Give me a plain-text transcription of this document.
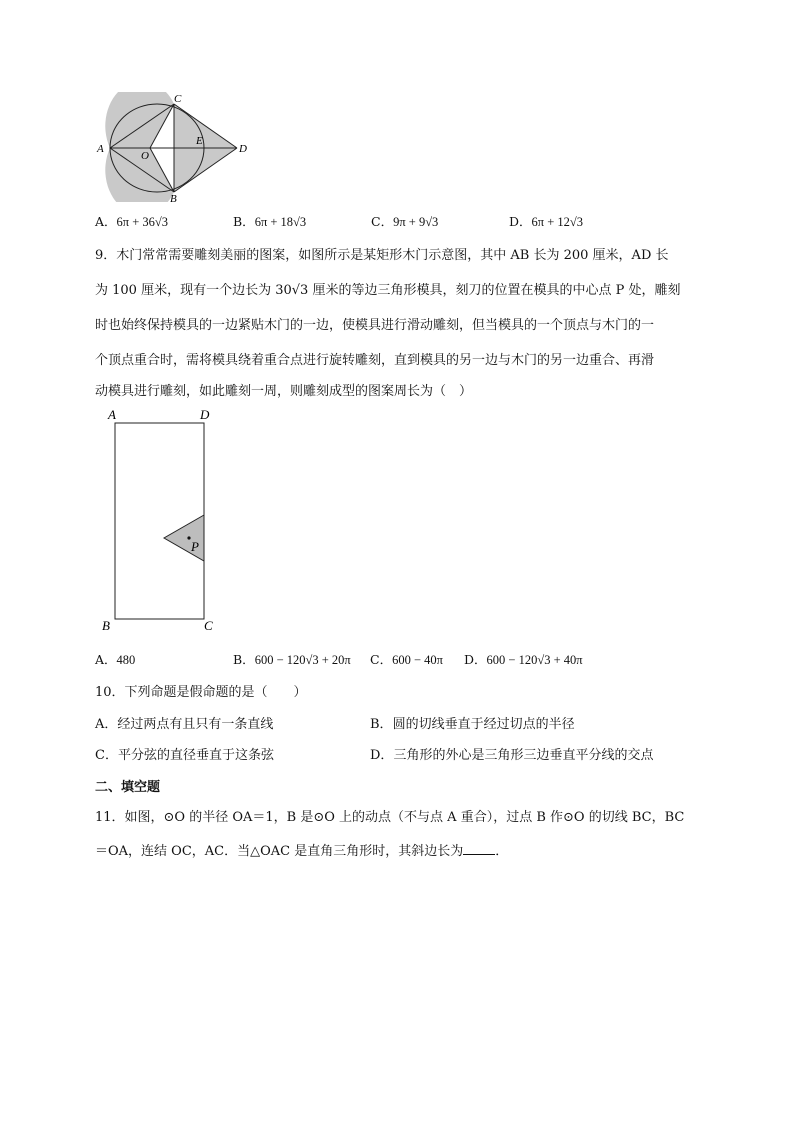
A
C
B
O
E
D
A．6π + 36√3	B．6π + 18√3	C．9π + 9√3	D．6π + 12√3
9．木门常常需要雕刻美丽的图案，如图所示是某矩形木门示意图，其中 AB 长为 200 厘米，AD 长
为 100 厘米，现有一个边长为 30√3 厘米的等边三角形模具，刻刀的位置在模具的中心点 P 处，雕刻
时也始终保持模具的一边紧贴木门的一边，使模具进行滑动雕刻，但当模具的一个顶点与木门的一
个顶点重合时，需将模具绕着重合点进行旋转雕刻，直到模具的另一边与木门的另一边重合、再滑
动模具进行雕刻，如此雕刻一周，则雕刻成型的图案周长为（　）
A	D
B	C
P
A．480	B．600 − 120√3 + 20π C．600 − 40π D．600 − 120√3 + 40π
10．下列命题是假命题的是（　　）
A．经过两点有且只有一条直线	B．圆的切线垂直于经过切点的半径
C．平分弦的直径垂直于这条弦	D．三角形的外心是三角形三边垂直平分线的交点
二、填空题
11．如图，⊙O 的半径 OA＝1，B 是⊙O 上的动点（不与点 A 重合），过点 B 作⊙O 的切线 BC，BC
＝OA，连结 OC，AC．当△OAC 是直角三角形时，其斜边长为 ．
